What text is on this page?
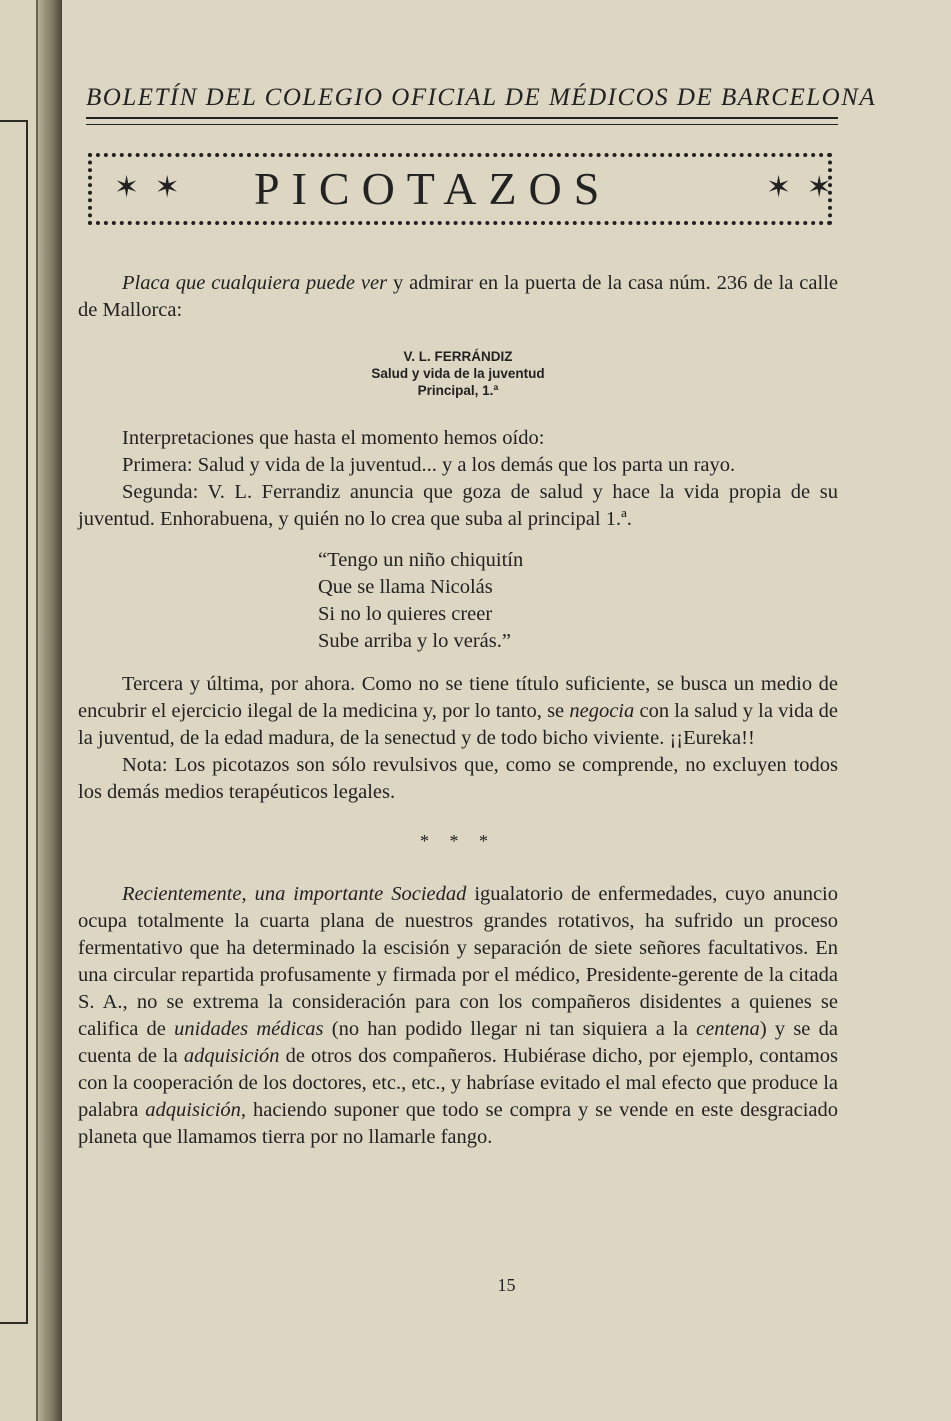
BOLETÍN DEL COLEGIO OFICIAL DE MÉDICOS DE BARCELONA
✶ ✶ PICOTAZOS	✶ ✶

Placa que cualquiera puede ver y admirar en la puerta de la casa núm. 236 de la calle de Mallorca:

V. L. FERRÁNDIZ
Salud y vida de la juventud
Principal, 1.ª

Interpretaciones que hasta el momento hemos oído:

Primera: Salud y vida de la juventud... y a los demás que los parta un rayo.

Segunda: V. L. Ferrandiz anuncia que goza de salud y hace la vida propia de su juventud. Enhorabuena, y quién no lo crea que suba al principal 1.ª.

“Tengo un niño chiquitín
Que se llama Nicolás
Si no lo quieres creer
Sube arriba y lo verás.”

Tercera y última, por ahora. Como no se tiene título suficiente, se busca un medio de encubrir el ejercicio ilegal de la medicina y, por lo tanto, se negocia con la salud y la vida de la juventud, de la edad madura, de la senectud y de todo bicho viviente. ¡¡Eureka!!

Nota: Los picotazos son sólo revulsivos que, como se comprende, no excluyen todos los demás medios terapéuticos legales.

* * *

Recientemente, una importante Sociedad igualatorio de enfermedades, cuyo anuncio ocupa totalmente la cuarta plana de nuestros grandes rotativos, ha sufrido un proceso fermentativo que ha determinado la escisión y separación de siete señores facultativos. En una circular repartida profusamente y firmada por el médico, Presidente-gerente de la citada S. A., no se extrema la consideración para con los compañeros disidentes a quienes se califica de unidades médicas (no han podido llegar ni tan siquiera a la centena) y se da cuenta de la adquisición de otros dos compañeros. Hubiérase dicho, por ejemplo, contamos con la cooperación de los doctores, etc., etc., y habríase evitado el mal efecto que produce la palabra adquisición, haciendo suponer que todo se compra y se vende en este desgraciado planeta que llamamos tierra por no llamarle fango.

15
